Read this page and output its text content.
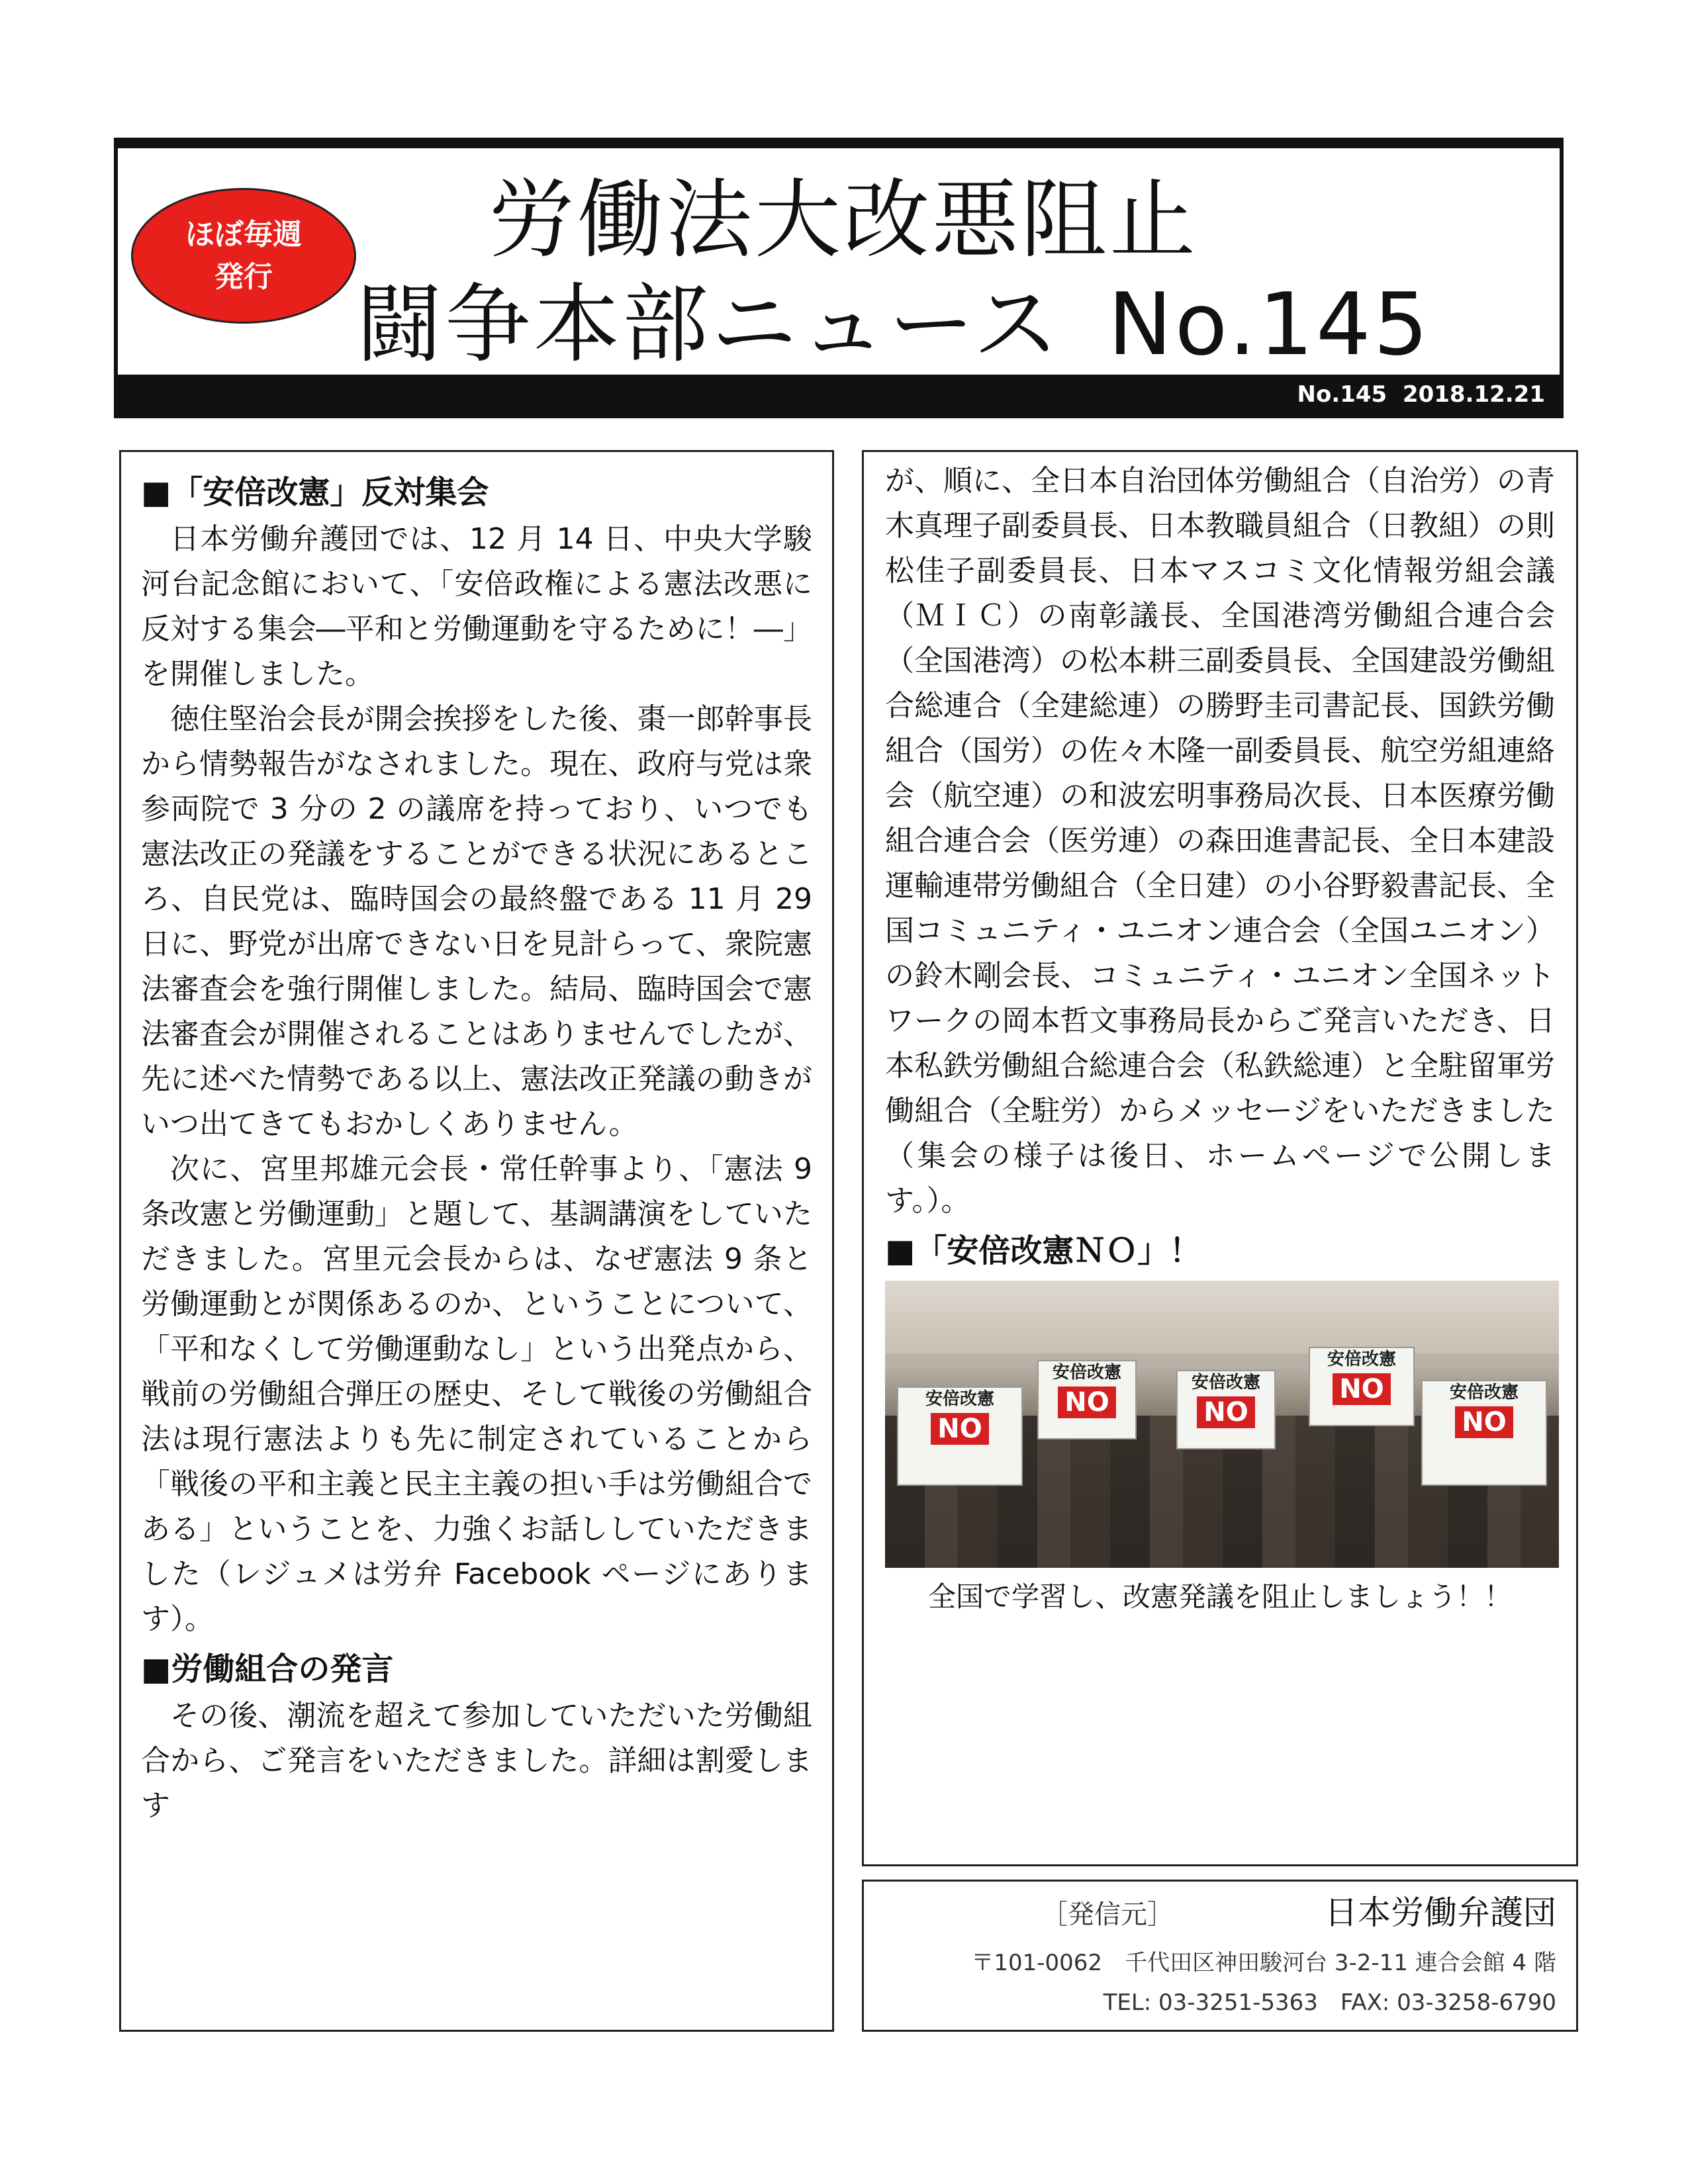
ほぼ毎週
発行
労働法大改悪阻止
闘争本部ニュース No.145
No.145 2018.12.21
■「安倍改憲」反対集会

日本労働弁護団では、12 月 14 日、中央大学駿河台記念館において、「安倍政権による憲法改悪に反対する集会―平和と労働運動を守るために！―」を開催しました。

徳住堅治会長が開会挨拶をした後、棗一郎幹事長から情勢報告がなされました。現在、政府与党は衆参両院で 3 分の 2 の議席を持っており、いつでも憲法改正の発議をすることができる状況にあるところ、自民党は、臨時国会の最終盤である 11 月 29 日に、野党が出席できない日を見計らって、衆院憲法審査会を強行開催しました。結局、臨時国会で憲法審査会が開催されることはありませんでしたが、先に述べた情勢である以上、憲法改正発議の動きがいつ出てきてもおかしくありません。

次に、宮里邦雄元会長・常任幹事より、「憲法 9 条改憲と労働運動」と題して、基調講演をしていただきました。宮里元会長からは、なぜ憲法 9 条と労働運動とが関係あるのか、ということについて、「平和なくして労働運動なし」という出発点から、戦前の労働組合弾圧の歴史、そして戦後の労働組合法は現行憲法よりも先に制定されていることから「戦後の平和主義と民主主義の担い手は労働組合である」ということを、力強くお話ししていただきました（レジュメは労弁 Facebook ページにあります）。

■労働組合の発言

その後、潮流を超えて参加していただいた労働組合から、ご発言をいただきました。詳細は割愛します

が、順に、全日本自治団体労働組合（自治労）の青木真理子副委員長、日本教職員組合（日教組）の則松佳子副委員長、日本マスコミ文化情報労組会議（ＭＩＣ）の南彰議長、全国港湾労働組合連合会（全国港湾）の松本耕三副委員長、全国建設労働組合総連合（全建総連）の勝野圭司書記長、国鉄労働組合（国労）の佐々木隆一副委員長、航空労組連絡会（航空連）の和波宏明事務局次長、日本医療労働組合連合会（医労連）の森田進書記長、全日本建設運輸連帯労働組合（全日建）の小谷野毅書記長、全国コミュニティ・ユニオン連合会（全国ユニオン）の鈴木剛会長、コミュニティ・ユニオン全国ネットワークの岡本哲文事務局長からご発言いただき、日本私鉄労働組合総連合会（私鉄総連）と全駐留軍労働組合（全駐労）からメッセージをいただきました（集会の様子は後日、ホームページで公開します。）。

■「安倍改憲ＮＯ」！
安倍改憲
NO
安倍改憲
NO
安倍改憲
NO
安倍改憲
NO	安倍改憲
NO
全国で学習し、改憲発議を阻止しましょう！！
［発信元］	日本労働弁護団
〒101-0062　千代田区神田駿河台 3-2-11 連合会館 4 階
TEL: 03-3251-5363　FAX: 03-3258-6790
